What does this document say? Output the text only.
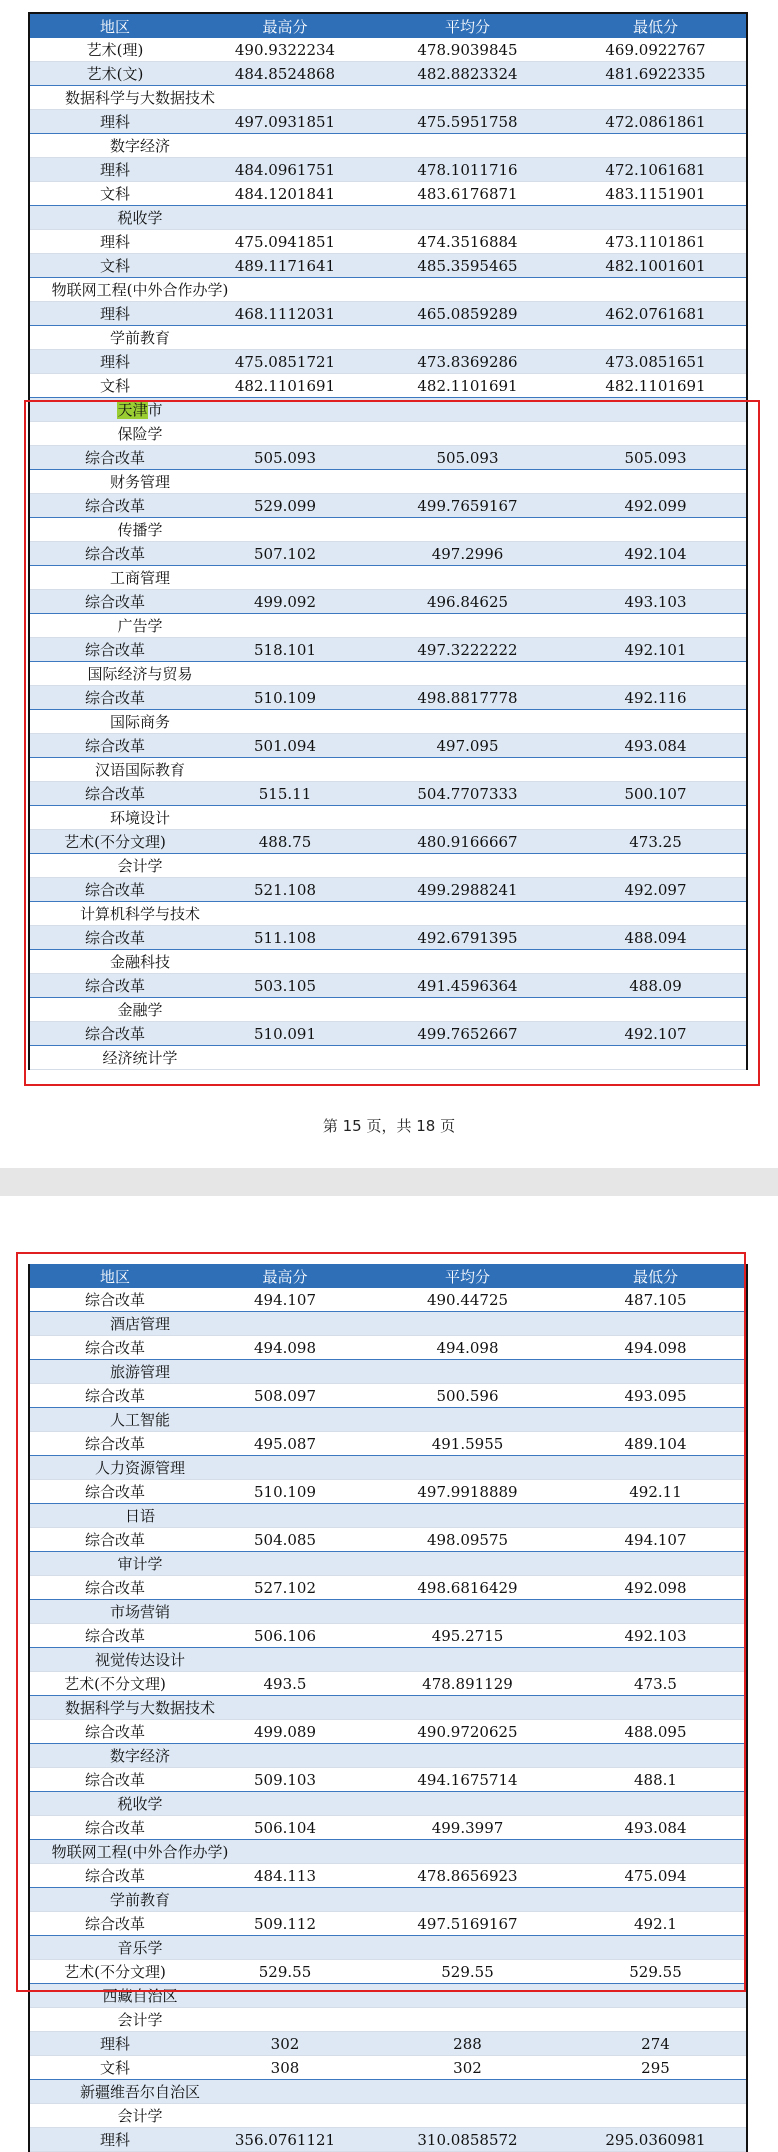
地区	最高分	平均分	最低分
艺术(理)	490.9322234	478.9039845	469.0922767
艺术(文)	484.8524868	482.8823324	481.6922335
数据科学与大数据技术
理科	497.0931851	475.5951758	472.0861861
数字经济
理科	484.0961751	478.1011716	472.1061681
文科	484.1201841	483.6176871	483.1151901
税收学
理科	475.0941851	474.3516884	473.1101861
文科	489.1171641	485.3595465	482.1001601
物联网工程(中外合作办学)
理科	468.1112031	465.0859289	462.0761681
学前教育
理科	475.0851721	473.8369286	473.0851651
文科	482.1101691	482.1101691	482.1101691
天津市
保险学
综合改革	505.093	505.093	505.093
财务管理
综合改革	529.099	499.7659167	492.099
传播学
综合改革	507.102	497.2996	492.104
工商管理
综合改革	499.092	496.84625	493.103
广告学
综合改革	518.101	497.3222222	492.101
国际经济与贸易
综合改革	510.109	498.8817778	492.116
国际商务
综合改革	501.094	497.095	493.084
汉语国际教育
综合改革	515.11	504.7707333	500.107
环境设计
艺术(不分文理)	488.75	480.9166667	473.25
会计学
综合改革	521.108	499.2988241	492.097
计算机科学与技术
综合改革	511.108	492.6791395	488.094
金融科技
综合改革	503.105	491.4596364	488.09
金融学
综合改革	510.091	499.7652667	492.107
经济统计学
第 15 页，共 18 页
地区	最高分	平均分	最低分
综合改革	494.107	490.44725	487.105
酒店管理
综合改革	494.098	494.098	494.098
旅游管理
综合改革	508.097	500.596	493.095
人工智能
综合改革	495.087	491.5955	489.104
人力资源管理
综合改革	510.109	497.9918889	492.11
日语
综合改革	504.085	498.09575	494.107
审计学
综合改革	527.102	498.6816429	492.098
市场营销
综合改革	506.106	495.2715	492.103
视觉传达设计
艺术(不分文理)	493.5	478.891129	473.5
数据科学与大数据技术
综合改革	499.089	490.9720625	488.095
数字经济
综合改革	509.103	494.1675714	488.1
税收学
综合改革	506.104	499.3997	493.084
物联网工程(中外合作办学)
综合改革	484.113	478.8656923	475.094
学前教育
综合改革	509.112	497.5169167	492.1
音乐学
艺术(不分文理)	529.55	529.55	529.55
西藏自治区
会计学
理科	302	288	274
文科	308	302	295
新疆维吾尔自治区
会计学
理科	356.0761121	310.0858572	295.0360981
